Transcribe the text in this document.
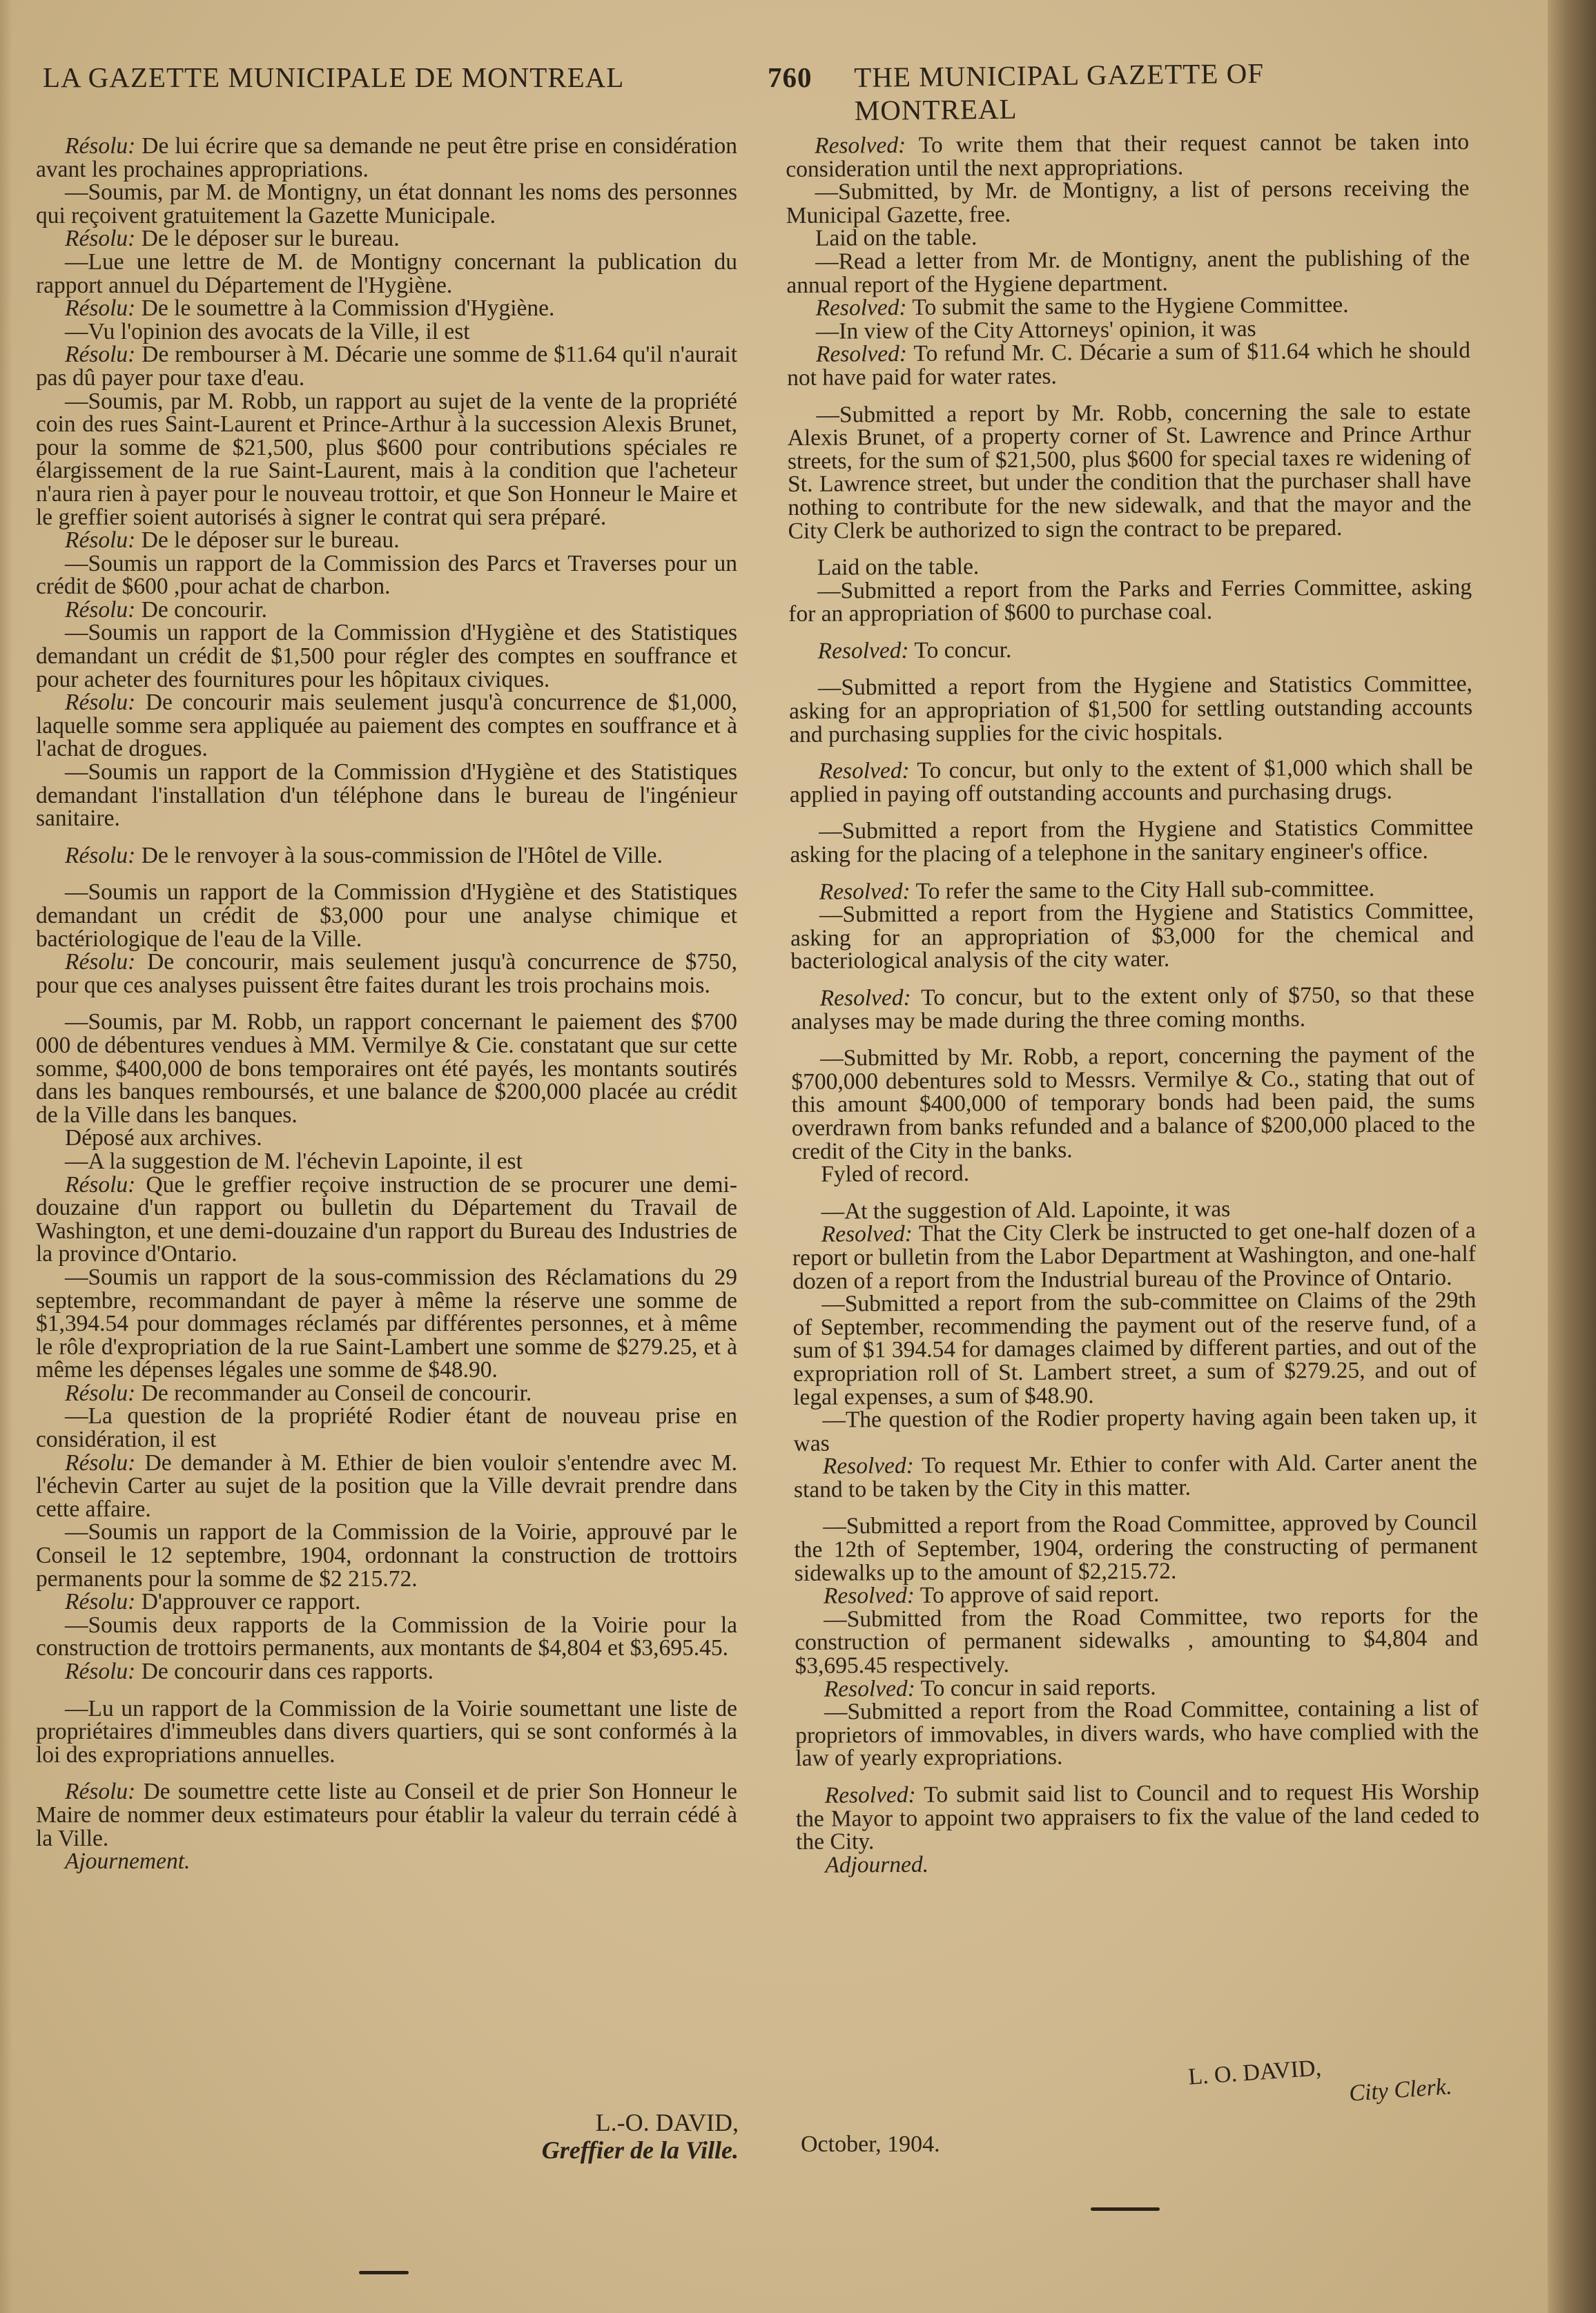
LA GAZETTE MUNICIPALE DE MONTREAL	760 THE MUNICIPAL GAZETTE OF MONTREAL

Résolu: De lui écrire que sa demande ne peut être prise en considération avant les prochaines appropriations.

—Soumis, par M. de Montigny, un état donnant les noms des personnes qui reçoivent gratuitement la Gazette Municipale.

Résolu: De le déposer sur le bureau.

—Lue une lettre de M. de Montigny concernant la publication du rapport annuel du Département de l'Hygiène.

Résolu: De le soumettre à la Commission d'Hygiène.

—Vu l'opinion des avocats de la Ville, il est

Résolu: De rembourser à M. Décarie une somme de $11.64 qu'il n'aurait pas dû payer pour taxe d'eau.

—Soumis, par M. Robb, un rapport au sujet de la vente de la propriété coin des rues Saint-Laurent et Prince-Arthur à la succession Alexis Brunet, pour la somme de $21,500, plus $600 pour contributions spéciales re élargissement de la rue Saint-Laurent, mais à la condition que l'acheteur n'aura rien à payer pour le nouveau trottoir, et que Son Honneur le Maire et le greffier soient autorisés à signer le contrat qui sera préparé.

Résolu: De le déposer sur le bureau.

—Soumis un rapport de la Commission des Parcs et Traverses pour un crédit de $600 ,pour achat de charbon.

Résolu: De concourir.

—Soumis un rapport de la Commission d'Hygiène et des Statistiques demandant un crédit de $1,500 pour régler des comptes en souffrance et pour acheter des fournitures pour les hôpitaux civiques.

Résolu: De concourir mais seulement jusqu'à concurrence de $1,000, laquelle somme sera appliquée au paiement des comptes en souffrance et à l'achat de drogues.

—Soumis un rapport de la Commission d'Hygiène et des Statistiques demandant l'installation d'un téléphone dans le bureau de l'ingénieur sanitaire.

Résolu: De le renvoyer à la sous-commission de l'Hôtel de Ville.

—Soumis un rapport de la Commission d'Hygiène et des Statistiques demandant un crédit de $3,000 pour une analyse chimique et bactériologique de l'eau de la Ville.

Résolu: De concourir, mais seulement jusqu'à concurrence de $750, pour que ces analyses puissent être faites durant les trois prochains mois.

—Soumis, par M. Robb, un rapport concernant le paiement des $700 000 de débentures vendues à MM. Vermilye & Cie. constatant que sur cette somme, $400,000 de bons temporaires ont été payés, les montants soutirés dans les banques remboursés, et une balance de $200,000 placée au crédit de la Ville dans les banques.

Déposé aux archives.

—A la suggestion de M. l'échevin Lapointe, il est

Résolu: Que le greffier reçoive instruction de se procurer une demi-douzaine d'un rapport ou bulletin du Département du Travail de Washington, et une demi-douzaine d'un rapport du Bureau des Industries de la province d'Ontario.

—Soumis un rapport de la sous-commission des Réclamations du 29 septembre, recommandant de payer à même la réserve une somme de $1,394.54 pour dommages réclamés par différentes personnes, et à même le rôle d'expropriation de la rue Saint-Lambert une somme de $279.25, et à même les dépenses légales une somme de $48.90.

Résolu: De recommander au Conseil de concourir.

—La question de la propriété Rodier étant de nouveau prise en considération, il est

Résolu: De demander à M. Ethier de bien vouloir s'entendre avec M. l'échevin Carter au sujet de la position que la Ville devrait prendre dans cette affaire.

—Soumis un rapport de la Commission de la Voirie, approuvé par le Conseil le 12 septembre, 1904, ordonnant la construction de trottoirs permanents pour la somme de $2 215.72.

Résolu: D'approuver ce rapport.

—Soumis deux rapports de la Commission de la Voirie pour la construction de trottoirs permanents, aux montants de $4,804 et $3,695.45.

Résolu: De concourir dans ces rapports.

—Lu un rapport de la Commission de la Voirie soumettant une liste de propriétaires d'immeubles dans divers quartiers, qui se sont conformés à la loi des expropriations annuelles.

Résolu: De soumettre cette liste au Conseil et de prier Son Honneur le Maire de nommer deux estimateurs pour établir la valeur du terrain cédé à la Ville.

Ajournement.

Resolved: To write them that their request cannot be taken into consideration until the next appropriations.

—Submitted, by Mr. de Montigny, a list of persons receiving the Municipal Gazette, free.

Laid on the table.

—Read a letter from Mr. de Montigny, anent the publishing of the annual report of the Hygiene department.

Resolved: To submit the same to the Hygiene Committee.

—In view of the City Attorneys' opinion, it was

Resolved: To refund Mr. C. Décarie a sum of $11.64 which he should not have paid for water rates.

—Submitted a report by Mr. Robb, concerning the sale to estate Alexis Brunet, of a property corner of St. Lawrence and Prince Arthur streets, for the sum of $21,500, plus $600 for special taxes re widening of St. Lawrence street, but under the condition that the purchaser shall have nothing to contribute for the new sidewalk, and that the mayor and the City Clerk be authorized to sign the contract to be prepared.

Laid on the table.

—Submitted a report from the Parks and Ferries Committee, asking for an appropriation of $600 to purchase coal.

Resolved: To concur.

—Submitted a report from the Hygiene and Statistics Committee, asking for an appropriation of $1,500 for settling outstanding accounts and purchasing supplies for the civic hospitals.

Resolved: To concur, but only to the extent of $1,000 which shall be applied in paying off outstanding accounts and purchasing drugs.

—Submitted a report from the Hygiene and Statistics Committee asking for the placing of a telephone in the sanitary engineer's office.

Resolved: To refer the same to the City Hall sub-committee.

—Submitted a report from the Hygiene and Statistics Committee, asking for an appropriation of $3,000 for the chemical and bacteriological analysis of the city water.

Resolved: To concur, but to the extent only of $750, so that these analyses may be made during the three coming months.

—Submitted by Mr. Robb, a report, concerning the payment of the $700,000 debentures sold to Messrs. Vermilye & Co., stating that out of this amount $400,000 of temporary bonds had been paid, the sums overdrawn from banks refunded and a balance of $200,000 placed to the credit of the City in the banks.

Fyled of record.

—At the suggestion of Ald. Lapointe, it was

Resolved: That the City Clerk be instructed to get one-half dozen of a report or bulletin from the Labor Department at Washington, and one-half dozen of a report from the Industrial bureau of the Province of Ontario.

—Submitted a report from the sub-committee on Claims of the 29th of September, recommending the payment out of the reserve fund, of a sum of $1 394.54 for damages claimed by different parties, and out of the expropriation roll of St. Lambert street, a sum of $279.25, and out of legal expenses, a sum of $48.90.

—The question of the Rodier property having again been taken up, it was

Resolved: To request Mr. Ethier to confer with Ald. Carter anent the stand to be taken by the City in this matter.

—Submitted a report from the Road Committee, approved by Council the 12th of September, 1904, ordering the constructing of permanent sidewalks up to the amount of $2,215.72.

Resolved: To approve of said report.

—Submitted from the Road Committee, two reports for the construction of permanent sidewalks , amounting to $4,804 and $3,695.45 respectively.

Resolved: To concur in said reports.

—Submitted a report from the Road Committee, containing a list of proprietors of immovables, in divers wards, who have complied with the law of yearly expropriations.

Resolved: To submit said list to Council and to request His Worship the Mayor to appoint two appraisers to fix the value of the land ceded to the City.

Adjourned.

L.-O. DAVID,
Greffier de la Ville.
L. O. DAVID,
City Clerk.
October, 1904.
